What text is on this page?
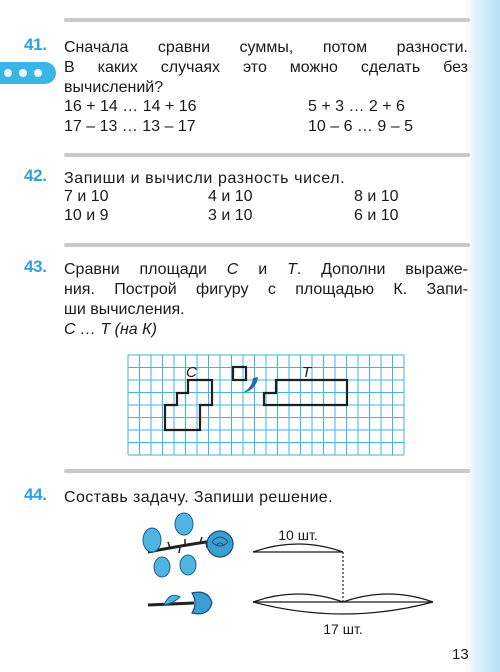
41. Сначала сравни суммы, потом разности.
В каких случаях это можно сделать без
вычислений?
16 + 14 … 14 + 16
17 – 13 … 13 – 17
5 + 3 … 2 + 6
10 – 6 … 9 – 5
42. Запиши и вычисли разность чисел.
7 и 10
10 и 9
4 и 10
3 и 10
8 и 10
6 и 10
43. Сравни площади С и Т. Дополни выраже-
ния. Построй фигуру с площадью К. Запи-
ши вычисления.
С … Т (на К)
С	Т
44. Составь задачу. Запиши решение.
10 шт.
17 шт.
13
